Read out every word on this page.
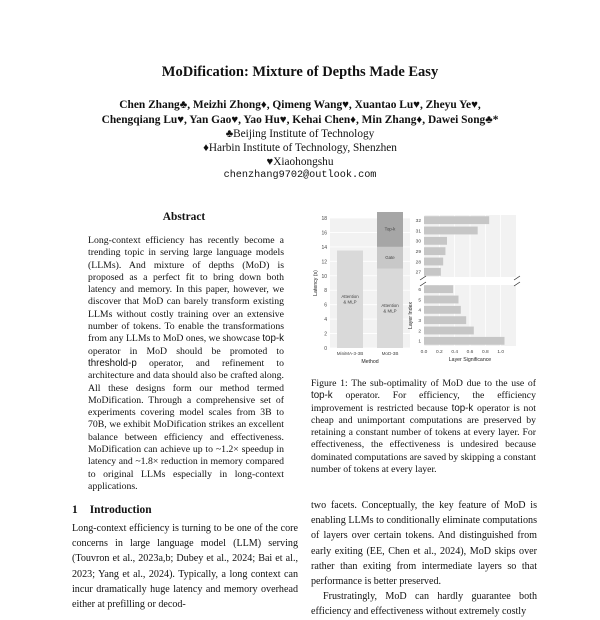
MoDification: Mixture of Depths Made Easy
Chen Zhang♣, Meizhi Zhong♦, Qimeng Wang♥, Xuantao Lu♥, Zheyu Ye♥,
Chengqiang Lu♥, Yan Gao♥, Yao Hu♥, Kehai Chen♦, Min Zhang♦, Dawei Song♣*
♣Beijing Institute of Technology
♦Harbin Institute of Technology, Shenzhen
♥Xiaohongshu
chenzhang9702@outlook.com
Abstract
Long-context efficiency has recently become a trending topic in serving large language models (LLMs). And mixture of depths (MoD) is proposed as a perfect fit to bring down both latency and memory. In this paper, however, we discover that MoD can barely transform existing LLMs without costly training over an extensive number of tokens. To enable the transformations from any LLMs to MoD ones, we showcase top-k operator in MoD should be promoted to threshold-p operator, and refinement to architecture and data should also be crafted along. All these designs form our method termed MoDification. Through a comprehensive set of experiments covering model scales from 3B to 70B, we exhibit MoDification strikes an excellent balance between efficiency and effectiveness. MoDification can achieve up to ~1.2× speedup in latency and ~1.8× reduction in memory compared to original LLMs especially in long-context applications.
1 Introduction
Long-context efficiency is turning to be one of the core concerns in large language model (LLM) serving (Touvron et al., 2023a,b; Dubey et al., 2024; Bai et al., 2023; Yang et al., 2024). Typically, a long context can incur dramatically huge latency and memory overhead either at prefilling or decod-
0
2
4
6
8
10
12
14
16
18
Attention
& MLP
MiniMA-3-3B
Attention
& MLP
Gate
Top-k
MoD-3B
Method
Latency (s)
1
2
3
4
5
6
27
28
29
30
31
32
0.0 0.2 0.4 0.6 0.8 1.0
Layer Significance
Layer Index
Figure 1: The sub-optimality of MoD due to the use of top-k operator. For efficiency, the efficiency improvement is restricted because top-k operator is not cheap and unimportant computations are preserved by retaining a constant number of tokens at every layer. For effectiveness, the effectiveness is undesired because dominated computations are saved by skipping a constant number of tokens at every layer.
two facets. Conceptually, the key feature of MoD is enabling LLMs to conditionally eliminate computations of layers over certain tokens. And distinguished from early exiting (EE, Chen et al., 2024), MoD skips over rather than exiting from intermediate layers so that performance is better preserved.
Frustratingly, MoD can hardly guarantee both efficiency and effectiveness without extremely costly
